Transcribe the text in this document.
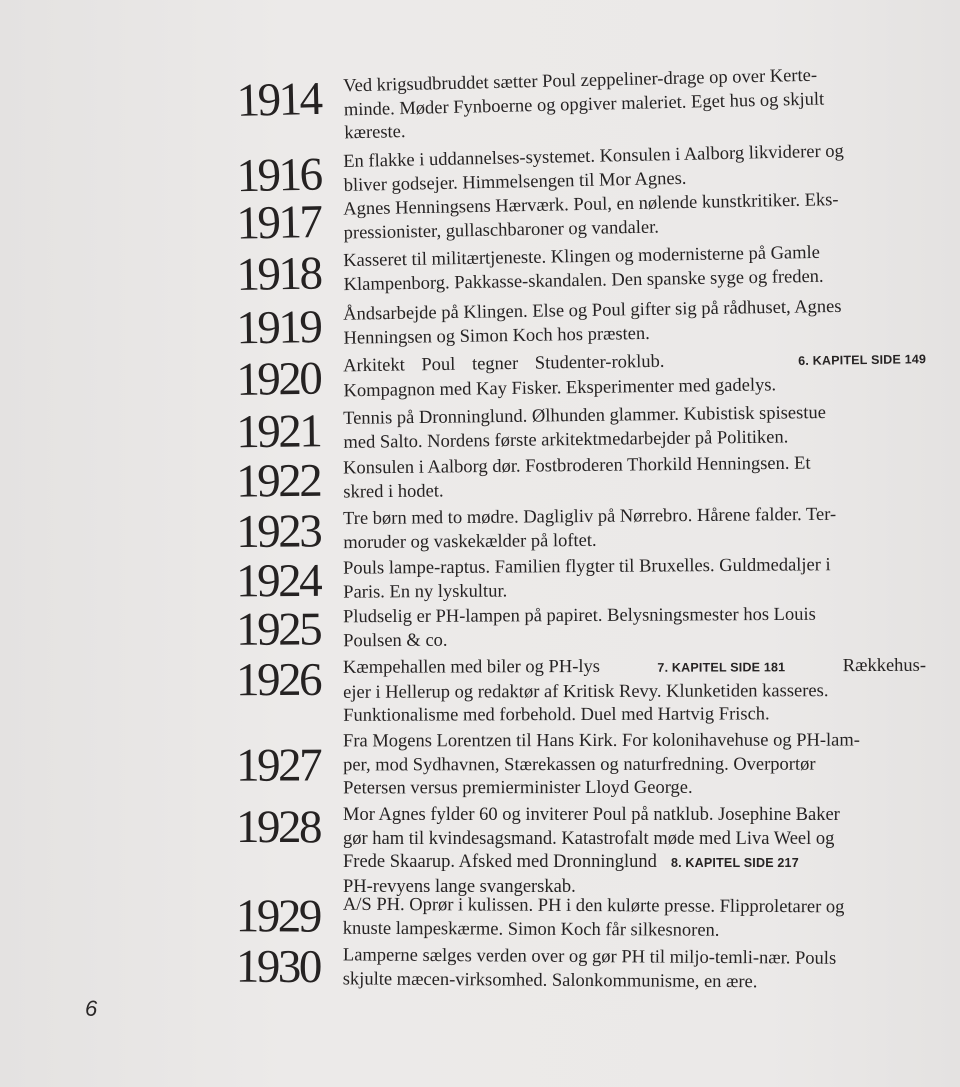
1914	Ved krigsudbruddet sætter Poul zeppeliner-drage op over Kerte-
minde. Møder Fynboerne og opgiver maleriet. Eget hus og skjult
kæreste.
1916	En flakke i uddannelses-systemet. Konsulen i Aalborg likviderer og
bliver godsejer. Himmelsengen til Mor Agnes.
1917	Agnes Henningsens Hærværk. Poul, en nølende kunstkritiker. Eks-
pressionister, gullaschbaroner og vandaler.
1918	Kasseret til militærtjeneste. Klingen og modernisterne på Gamle
Klampenborg. Pakkasse-skandalen. Den spanske syge og freden.
1919	Åndsarbejde på Klingen. Else og Poul gifter sig på rådhuset, Agnes
Henningsen og Simon Koch hos præsten.
1920	Arkitekt Poul tegner Studenter-roklub.	6. KAPITEL SIDE 149
Kompagnon med Kay Fisker. Eksperimenter med gadelys.
1921	Tennis på Dronninglund. Ølhunden glammer. Kubistisk spisestue
med Salto. Nordens første arkitektmedarbejder på Politiken.
1922	Konsulen i Aalborg dør. Fostbroderen Thorkild Henningsen. Et
skred i hodet.
1923	Tre børn med to mødre. Dagligliv på Nørrebro. Hårene falder. Ter-
moruder og vaskekælder på loftet.
1924	Pouls lampe-raptus. Familien flygter til Bruxelles. Guldmedaljer i
Paris. En ny lyskultur.
1925	Pludselig er PH-lampen på papiret. Belysningsmester hos Louis
Poulsen & co.
1926	Kæmpehallen med biler og PH-lys	7. KAPITEL SIDE 181	Rækkehus-
ejer i Hellerup og redaktør af Kritisk Revy. Klunketiden kasseres.
Funktionalisme med forbehold. Duel med Hartvig Frisch.
1927	Fra Mogens Lorentzen til Hans Kirk. For kolonihavehuse og PH-lam-
per, mod Sydhavnen, Stærekassen og naturfredning. Overportør
Petersen versus premierminister Lloyd George.
1928	Mor Agnes fylder 60 og inviterer Poul på natklub. Josephine Baker
gør ham til kvindesagsmand. Katastrofalt møde med Liva Weel og
Frede Skaarup. Afsked med Dronninglund 8. KAPITEL SIDE 217
PH-revyens lange svangerskab.
1929	A/S PH. Oprør i kulissen. PH i den kulørte presse. Flipproletarer og
knuste lampeskærme. Simon Koch får silkesnoren.
1930	Lamperne sælges verden over og gør PH til miljo-temli-nær. Pouls
skjulte mæcen-virksomhed. Salonkommunisme, en ære.
6
